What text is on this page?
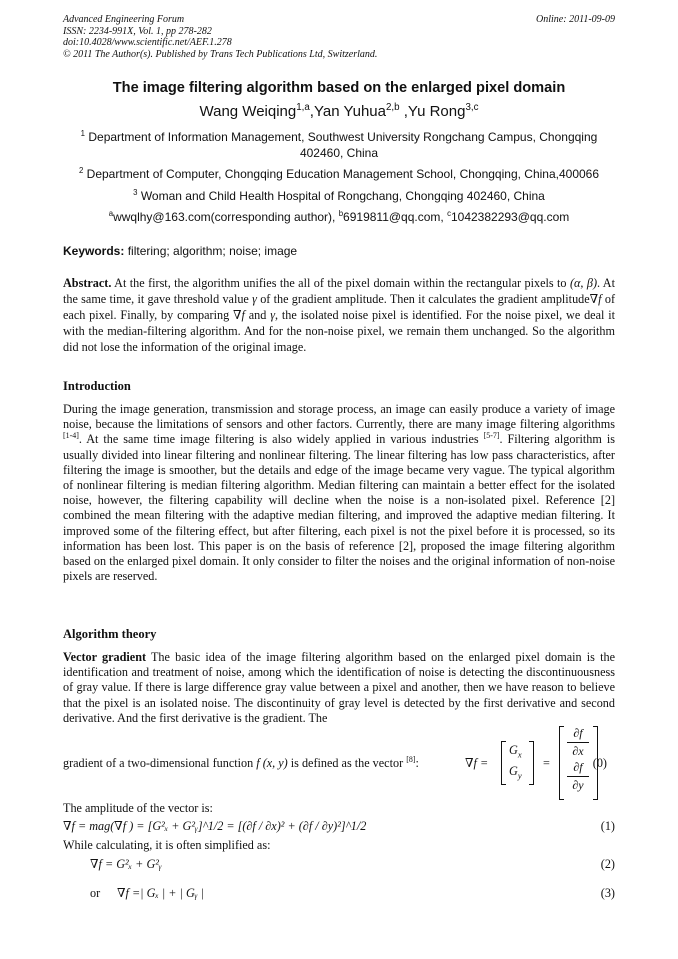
Advanced Engineering Forum
ISSN: 2234-991X, Vol. 1, pp 278-282
doi:10.4028/www.scientific.net/AEF.1.278
© 2011 The Author(s). Published by Trans Tech Publications Ltd, Switzerland.
Online: 2011-09-09
The image filtering algorithm based on the enlarged pixel domain
Wang Weiqing$^{1,a}$,Yan Yuhua$^{2,b}$ ,Yu Rong$^{3,c}$
$^1$ Department of Information Management, Southwest University Rongchang Campus, Chongqing 402460, China
$^2$ Department of Computer, Chongqing Education Management School, Chongqing, China,400066
$^3$ Woman and Child Health Hospital of Rongchang, Chongqing 402460, China
$^a$wwqlhy@163.com(corresponding author), $^b$6919811@qq.com, $^c$1042382293@qq.com
Keywords: filtering; algorithm; noise; image
Abstract. At the first, the algorithm unifies the all of the pixel domain within the rectangular pixels to (α, β). At the same time, it gave threshold value γ of the gradient amplitude. Then it calculates the gradient amplitude∇f of each pixel. Finally, by comparing ∇f and γ, the isolated noise pixel is identified. For the noise pixel, we deal it with the median-filtering algorithm. And for the non-noise pixel, we remain them unchanged. So the algorithm did not lose the information of the original image.
Introduction
During the image generation, transmission and storage process, an image can easily produce a variety of image noise, because the limitations of sensors and other factors. Currently, there are many image filtering algorithms [1-4]. At the same time image filtering is also widely applied in various industries [5-7]. Filtering algorithm is usually divided into linear filtering and nonlinear filtering. The linear filtering has low pass characteristics, after filtering the image is smoother, but the details and edge of the image became very vague. The typical algorithm of nonlinear filtering is median filtering algorithm. Median filtering can maintain a better effect for the isolated noise, however, the filtering capability will decline when the noise is a non-isolated pixel. Reference [2] combined the mean filtering with the adaptive median filtering, and improved the adaptive median filtering. It improved some of the filtering effect, but after filtering, each pixel is not the pixel before it is processed, so its information has been lost. This paper is on the basis of reference [2], proposed the image filtering algorithm based on the enlarged pixel domain. It only consider to filter the noises and the original information of non-noise pixels are reserved.
Algorithm theory
Vector gradient The basic idea of the image filtering algorithm based on the enlarged pixel domain is the identification and treatment of noise, among which the identification of noise is detecting the discontinuousness of gray value. If there is large difference gray value between a pixel and another, then we have reason to believe that the pixel is an isolated noise. The discontinuity of gray level is detected by the first derivative and second derivative. And the first derivative is the gradient. The
gradient of a two-dimensional function f (x, y) is defined as the vector [8]:	∇f =
$G_x$
$G_y$
=
∂f
∂x
∂f
∂y
(0)
The amplitude of the vector is:
∇f = mag(∇f ) = [G²ₓ + G²ᵧ]^1/2 = [(∂f / ∂x)² + (∂f / ∂y)²]^1/2	(1)
While calculating, it is often simplified as:
∇f = G²ₓ + G²ᵧ	(2)
or ∇f =| Gₓ | + | Gᵧ |	(3)
